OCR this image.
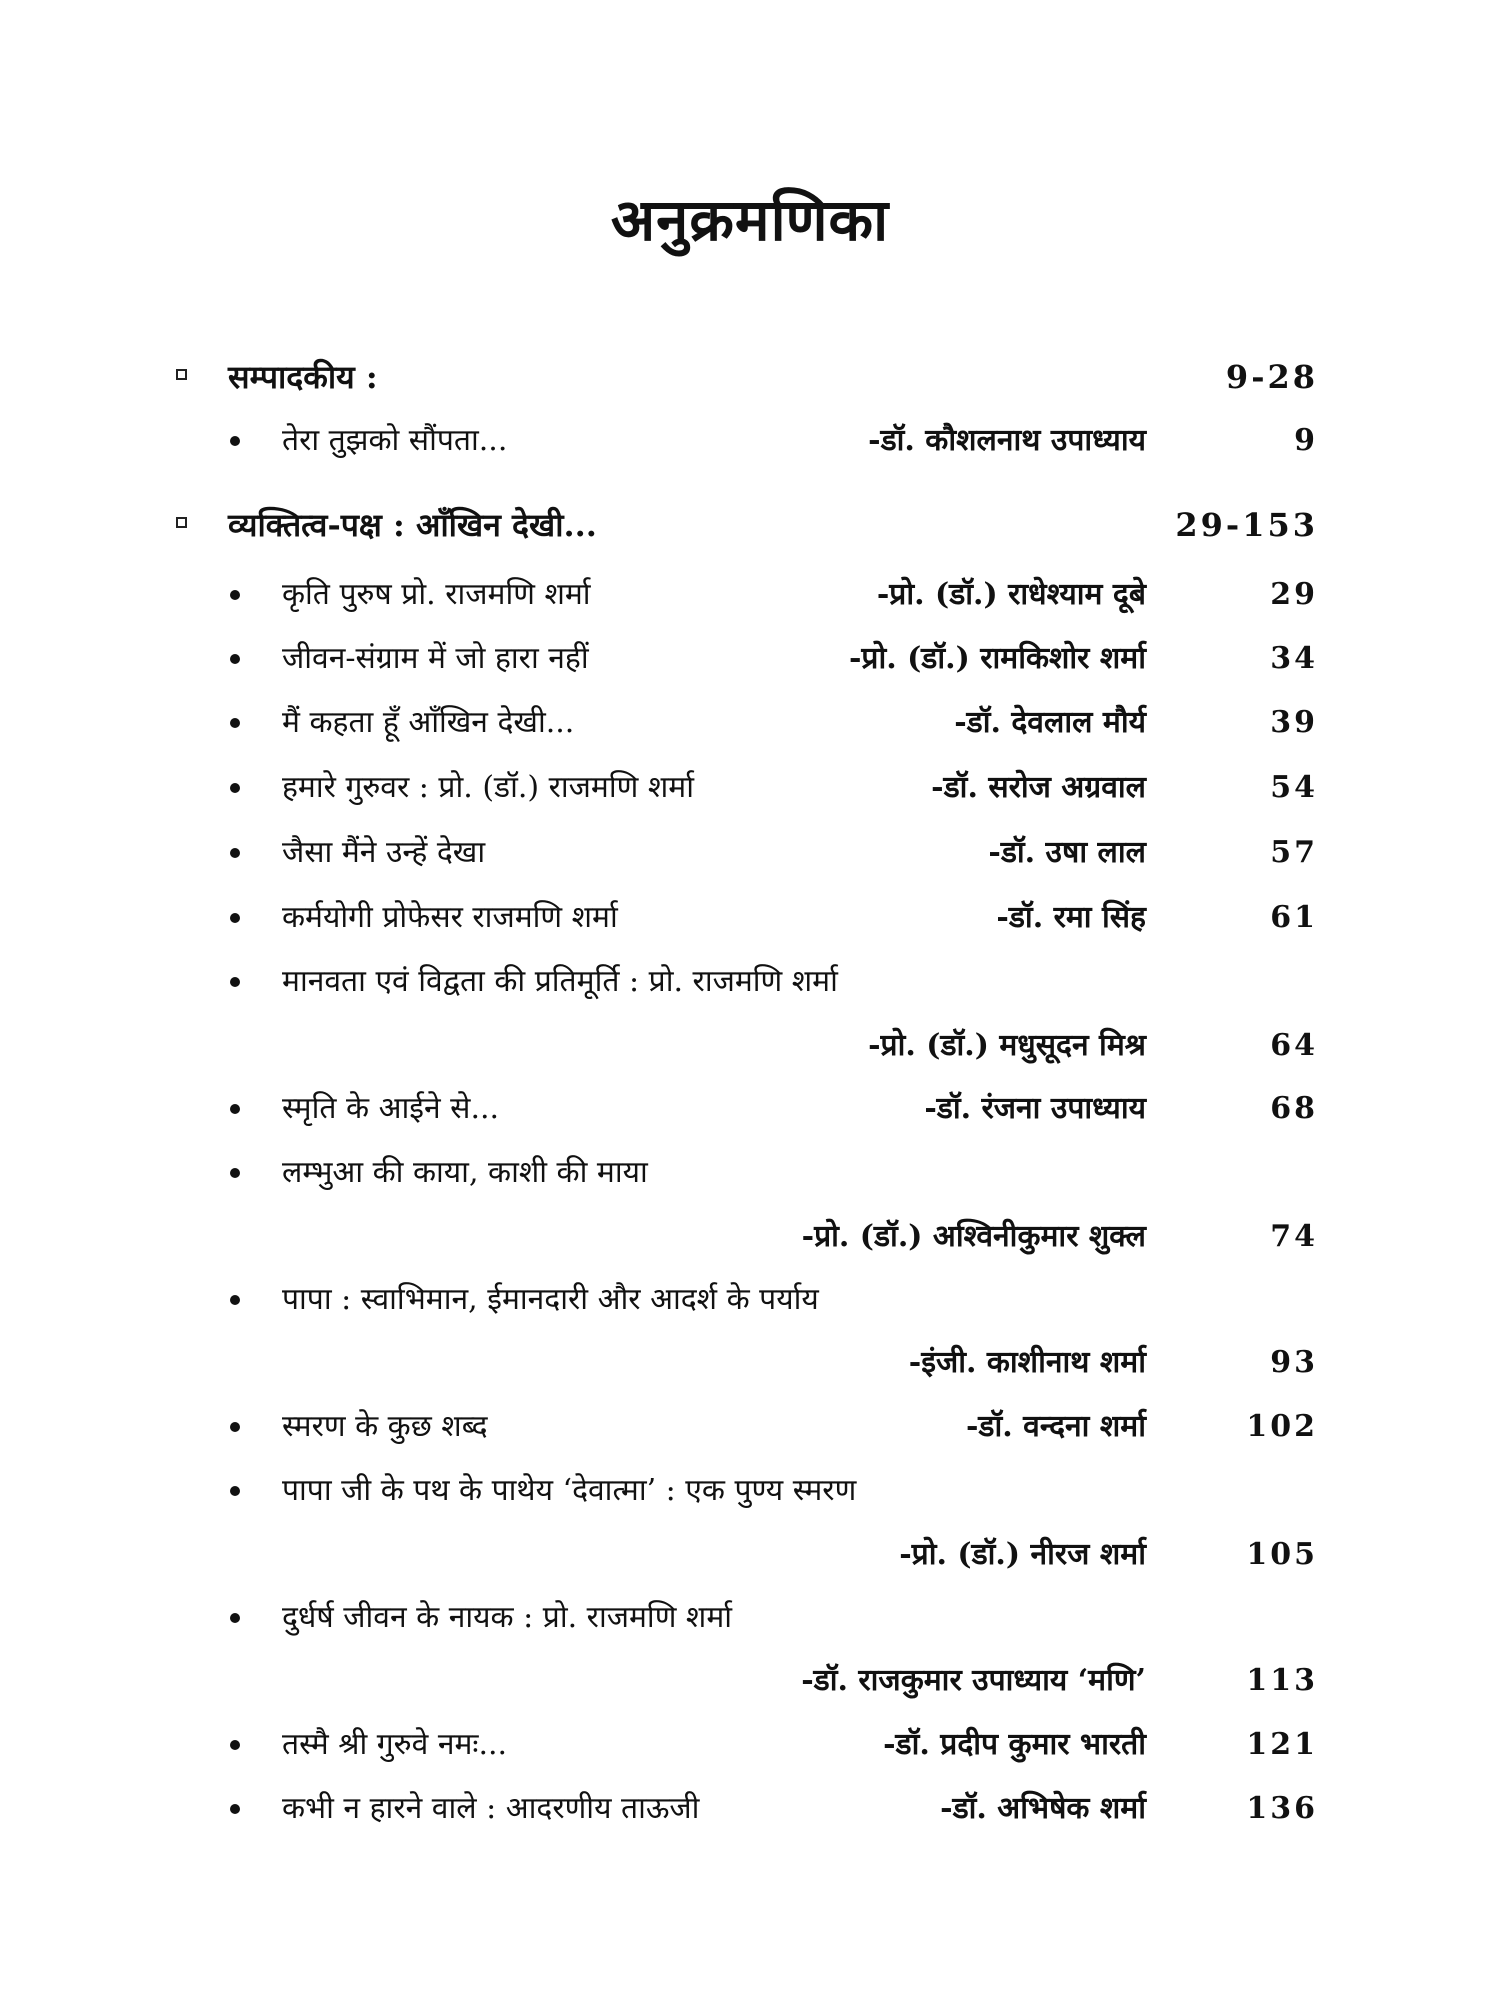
अनुक्रमणिका
सम्पादकीय :	9-28
तेरा तुझको सौंपता...	-डॉ. कौशलनाथ उपाध्याय	9
व्यक्तित्व-पक्ष : आँखिन देखी...	29-153
कृति पुरुष प्रो. राजमणि शर्मा	-प्रो. (डॉ.) राधेश्याम दूबे	29
जीवन-संग्राम में जो हारा नहीं	-प्रो. (डॉ.) रामकिशोर शर्मा	34
मैं कहता हूँ आँखिन देखी...	-डॉ. देवलाल मौर्य	39
हमारे गुरुवर : प्रो. (डॉ.) राजमणि शर्मा	-डॉ. सरोज अग्रवाल	54
जैसा मैंने उन्हें देखा	-डॉ. उषा लाल	57
कर्मयोगी प्रोफेसर राजमणि शर्मा	-डॉ. रमा सिंह	61
मानवता एवं विद्वता की प्रतिमूर्ति : प्रो. राजमणि शर्मा
-प्रो. (डॉ.) मधुसूदन मिश्र	64
स्मृति के आईने से...	-डॉ. रंजना उपाध्याय	68
लम्भुआ की काया, काशी की माया
-प्रो. (डॉ.) अश्विनीकुमार शुक्ल	74
पापा : स्वाभिमान, ईमानदारी और आदर्श के पर्याय
-इंजी. काशीनाथ शर्मा	93
स्मरण के कुछ शब्द	-डॉ. वन्दना शर्मा	102
पापा जी के पथ के पाथेय ‘देवात्मा’ : एक पुण्य स्मरण
-प्रो. (डॉ.) नीरज शर्मा	105
दुर्धर्ष जीवन के नायक : प्रो. राजमणि शर्मा
-डॉ. राजकुमार उपाध्याय ‘मणि’	113
तस्मै श्री गुरुवे नमः...	-डॉ. प्रदीप कुमार भारती	121
कभी न हारने वाले : आदरणीय ताऊजी	-डॉ. अभिषेक शर्मा	136
